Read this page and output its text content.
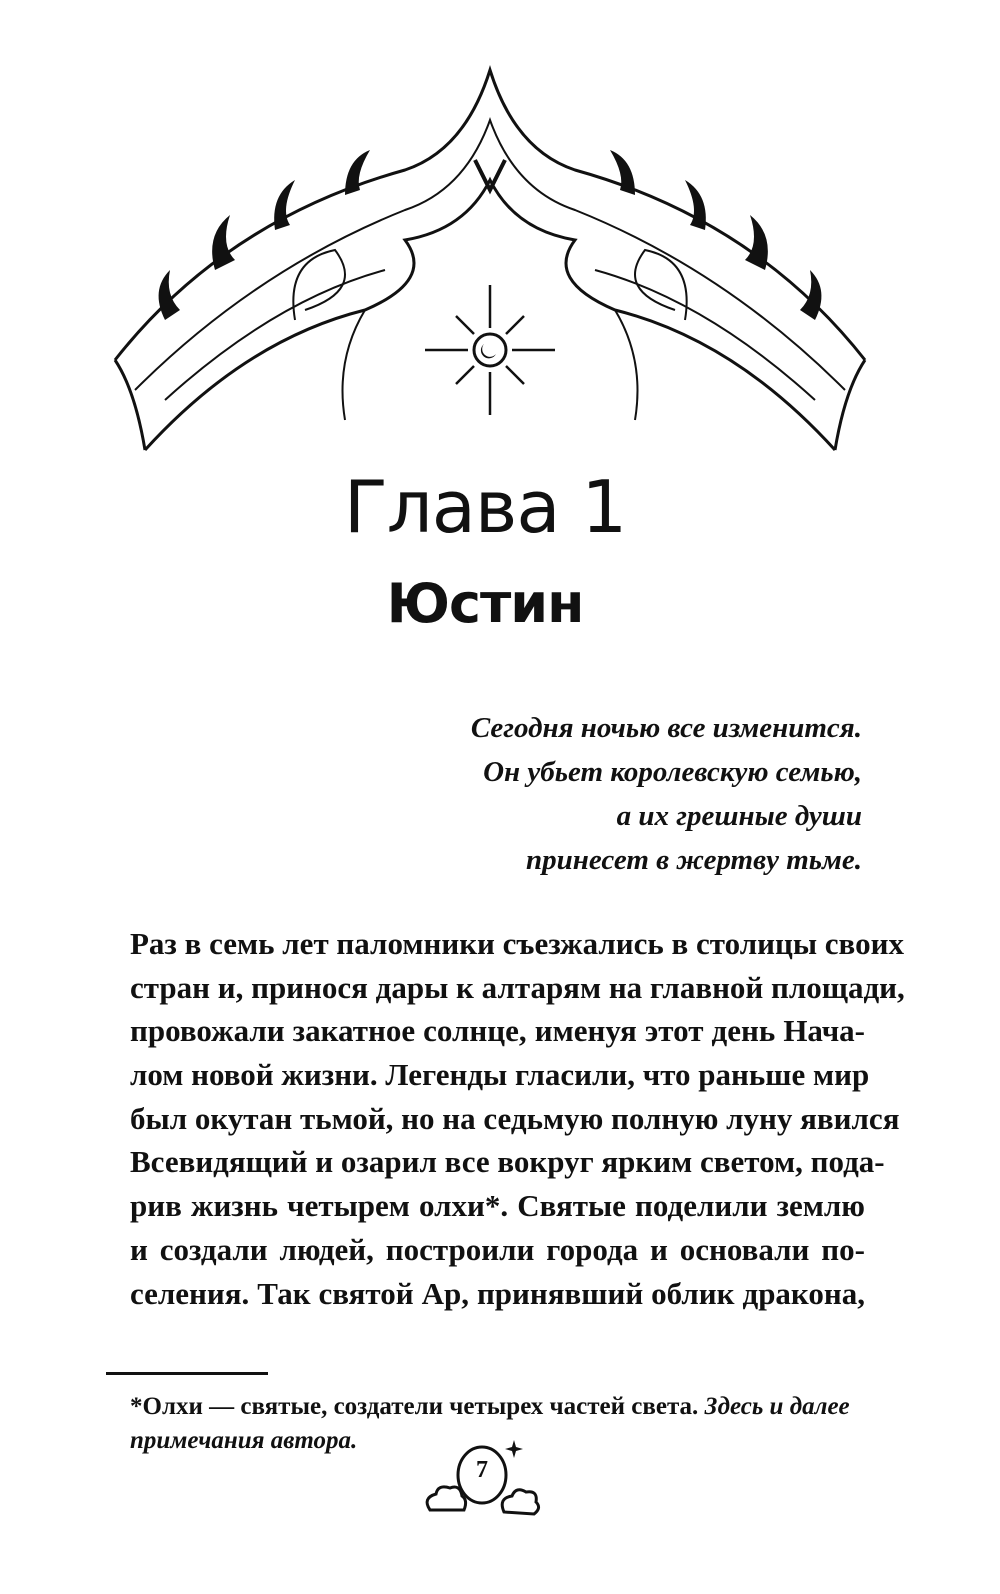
Глава 1
Юстин
Сегодня ночью все изменится.
Он убьет королевскую семью,
а их грешные души
принесет в жертву тьме.
Раз в семь лет паломники съезжались в столицы своих
стран и, принося дары к алтарям на главной площади,
провожали закатное солнце, именуя этот день Нача-
лом новой жизни. Легенды гласили, что раньше мир
был окутан тьмой, но на седьмую полную луну явился
Всевидящий и озарил все вокруг ярким светом, пода-
рив жизнь четырем олхи*. Святые поделили землю
и создали людей, построили города и основали по-
селения. Так святой Ар, принявший облик дракона,
*Олхи — святые, создатели четырех частей света. Здесь и далее примечания автора.
7
